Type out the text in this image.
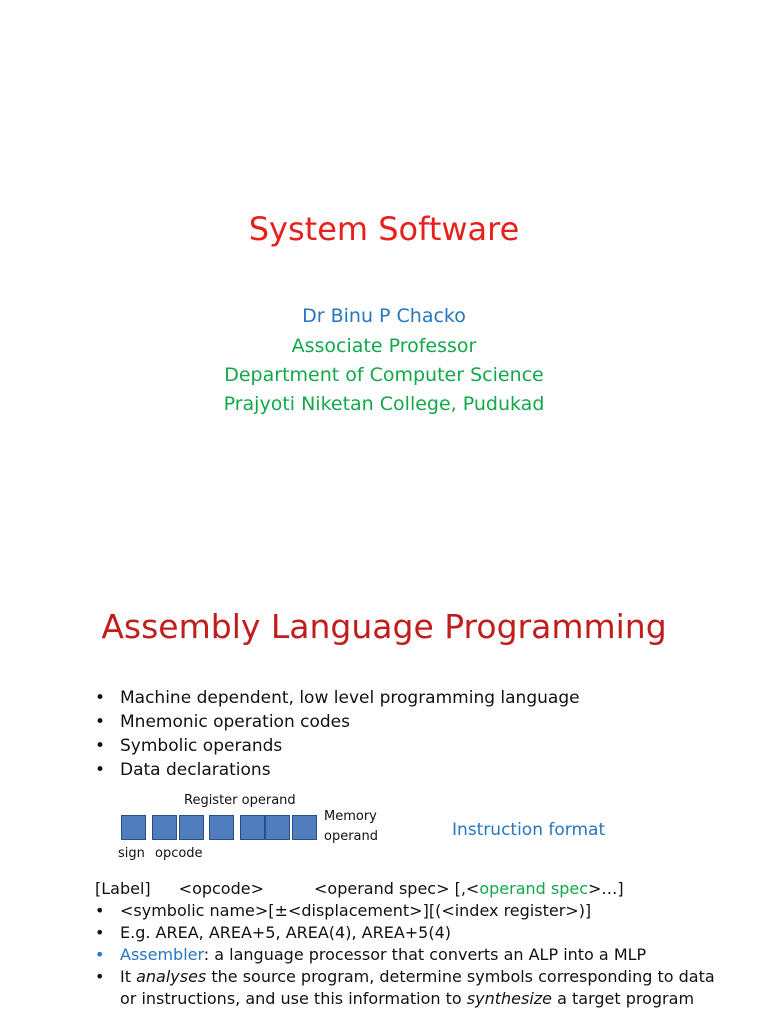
System Software
Dr Binu P Chacko
Associate Professor
Department of Computer Science
Prajyoti Niketan College, Pudukad
Assembly Language Programming
• Machine dependent, low level programming language
• Mnemonic operation codes
• Symbolic operands
• Data declarations
Register operand
Memory
operand
sign opcode
Instruction format
[Label] <opcode>	<operand spec> [,<operand spec>…]
• <symbolic name>[±<displacement>][(<index register>)]
• E.g. AREA, AREA+5, AREA(4), AREA+5(4)
• Assembler: a language processor that converts an ALP into a MLP
• It analyses the source program, determine symbols corresponding to data or instructions, and use this information to synthesize a target program
